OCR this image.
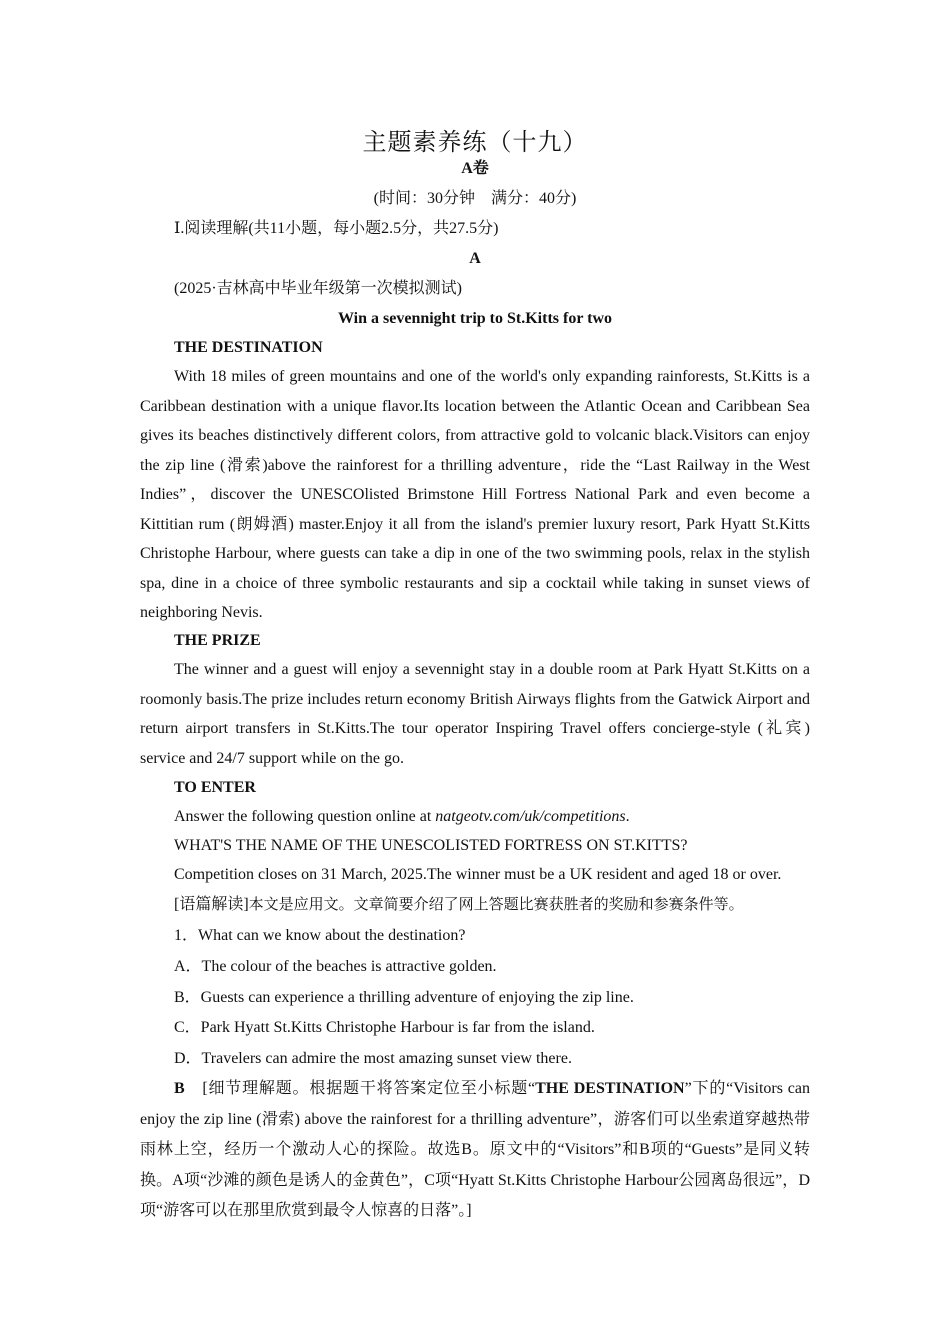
主题素养练（十九）
A卷
(时间：30分钟　满分：40分)
Ⅰ.阅读理解(共11小题，每小题2.5分，共27.5分)
A
(2025·吉林高中毕业年级第一次模拟测试)
Win a sevennight trip to St.Kitts for two
THE DESTINATION

With 18 miles of green mountains and one of the world's only expanding rainforests, St.Kitts is a Caribbean destination with a unique flavor.Its location between the Atlantic Ocean and Caribbean Sea gives its beaches distinctively different colors, from attractive gold to volcanic black.Visitors can enjoy the zip line (滑索)above the rainforest for a thrilling adventure，ride the “Last Railway in the West Indies”，discover the UNESCOlisted Brimstone Hill Fortress National Park and even become a Kittitian rum (朗姆酒) master.Enjoy it all from the island's premier luxury resort, Park Hyatt St.Kitts Christophe Harbour, where guests can take a dip in one of the two swimming pools, relax in the stylish spa, dine in a choice of three symbolic restaurants and sip a cocktail while taking in sunset views of neighboring Nevis.

THE PRIZE

The winner and a guest will enjoy a sevennight stay in a double room at Park Hyatt St.Kitts on a roomonly basis.The prize includes return economy British Airways flights from the Gatwick Airport and return airport transfers in St.Kitts.The tour operator Inspiring Travel offers concierge-style (礼宾) service and 24/7 support while on the go.

TO ENTER
Answer the following question online at natgeotv.com/uk/competitions.
WHAT'S THE NAME OF THE UNESCOLISTED FORTRESS ON ST.KITTS?
Competition closes on 31 March, 2025.The winner must be a UK resident and aged 18 or over.
[语篇解读]本文是应用文。文章简要介绍了网上答题比赛获胜者的奖励和参赛条件等。
1．What can we know about the destination?
A．The colour of the beaches is attractive golden.
B．Guests can experience a thrilling adventure of enjoying the zip line.
C．Park Hyatt St.Kitts Christophe Harbour is far from the island.
D．Travelers can admire the most amazing sunset view there.

B　 [细节理解题。根据题干将答案定位至小标题“THE DESTINATION”下的“Visitors can enjoy the zip line (滑索) above the rainforest for a thrilling adventure”，游客们可以坐索道穿越热带雨林上空，经历一个激动人心的探险。故选B。原文中的“Visitors”和B项的“Guests”是同义转换。A项“沙滩的颜色是诱人的金黄色”，C项“Hyatt St.Kitts Christophe Harbour公园离岛很远”，D项“游客可以在那里欣赏到最令人惊喜的日落”。]
